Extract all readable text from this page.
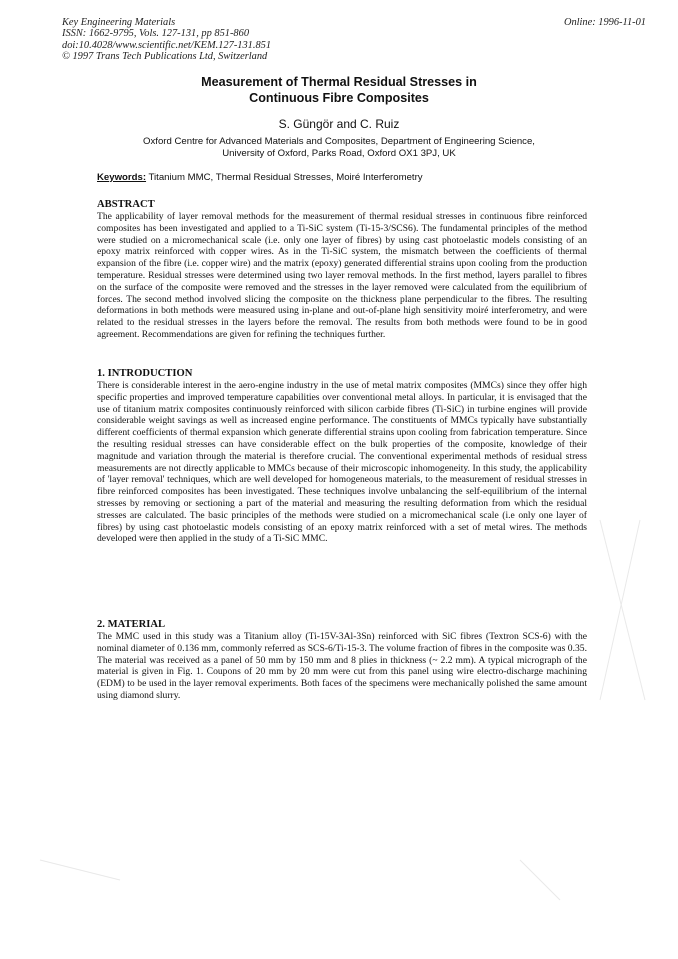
Key Engineering Materials
ISSN: 1662-9795, Vols. 127-131, pp 851-860
doi:10.4028/www.scientific.net/KEM.127-131.851
© 1997 Trans Tech Publications Ltd, Switzerland
Online: 1996-11-01
Measurement of Thermal Residual Stresses in
Continuous Fibre Composites
S. Güngör and C. Ruiz
Oxford Centre for Advanced Materials and Composites, Department of Engineering Science,
University of Oxford, Parks Road, Oxford OX1 3PJ, UK
Keywords: Titanium MMC, Thermal Residual Stresses, Moiré Interferometry

ABSTRACT

The applicability of layer removal methods for the measurement of thermal residual stresses in continuous fibre reinforced composites has been investigated and applied to a Ti-SiC system (Ti-15-3/SCS6). The fundamental principles of the method were studied on a micromechanical scale (i.e. only one layer of fibres) by using cast photoelastic models consisting of an epoxy matrix reinforced with copper wires. As in the Ti-SiC system, the mismatch between the coefficients of thermal expansion of the fibre (i.e. copper wire) and the matrix (epoxy) generated differential strains upon cooling from the production temperature. Residual stresses were determined using two layer removal methods. In the first method, layers parallel to fibres on the surface of the composite were removed and the stresses in the layer removed were calculated from the equilibrium of forces. The second method involved slicing the composite on the thickness plane perpendicular to the fibres. The resulting deformations in both methods were measured using in-plane and out-of-plane high sensitivity moiré interferometry, and were related to the residual stresses in the layers before the removal. The results from both methods were found to be in good agreement. Recommendations are given for refining the techniques further.

1. INTRODUCTION

There is considerable interest in the aero-engine industry in the use of metal matrix composites (MMCs) since they offer high specific properties and improved temperature capabilities over conventional metal alloys. In particular, it is envisaged that the use of titanium matrix composites continuously reinforced with silicon carbide fibres (Ti-SiC) in turbine engines will provide considerable weight savings as well as increased engine performance. The constituents of MMCs typically have substantially different coefficients of thermal expansion which generate differential strains upon cooling from fabrication temperature. Since the resulting residual stresses can have considerable effect on the bulk properties of the composite, knowledge of their magnitude and variation through the material is therefore crucial. The conventional experimental methods of residual stress measurements are not directly applicable to MMCs because of their microscopic inhomogeneity. In this study, the applicability of 'layer removal' techniques, which are well developed for homogeneous materials, to the measurement of residual stresses in fibre reinforced composites has been investigated. These techniques involve unbalancing the self-equilibrium of the internal stresses by removing or sectioning a part of the material and measuring the resulting deformation from which the residual stresses are calculated. The basic principles of the methods were studied on a micromechanical scale (i.e only one layer of fibres) by using cast photoelastic models consisting of an epoxy matrix reinforced with a set of metal wires. The methods developed were then applied in the study of a Ti-SiC MMC.

2. MATERIAL

The MMC used in this study was a Titanium alloy (Ti-15V-3Al-3Sn) reinforced with SiC fibres (Textron SCS-6) with the nominal diameter of 0.136 mm, commonly referred as SCS-6/Ti-15-3. The volume fraction of fibres in the composite was 0.35. The material was received as a panel of 50 mm by 150 mm and 8 plies in thickness (~ 2.2 mm). A typical micrograph of the material is given in Fig. 1. Coupons of 20 mm by 20 mm were cut from this panel using wire electro-discharge machining (EDM) to be used in the layer removal experiments. Both faces of the specimens were mechanically polished the same amount using diamond slurry.
